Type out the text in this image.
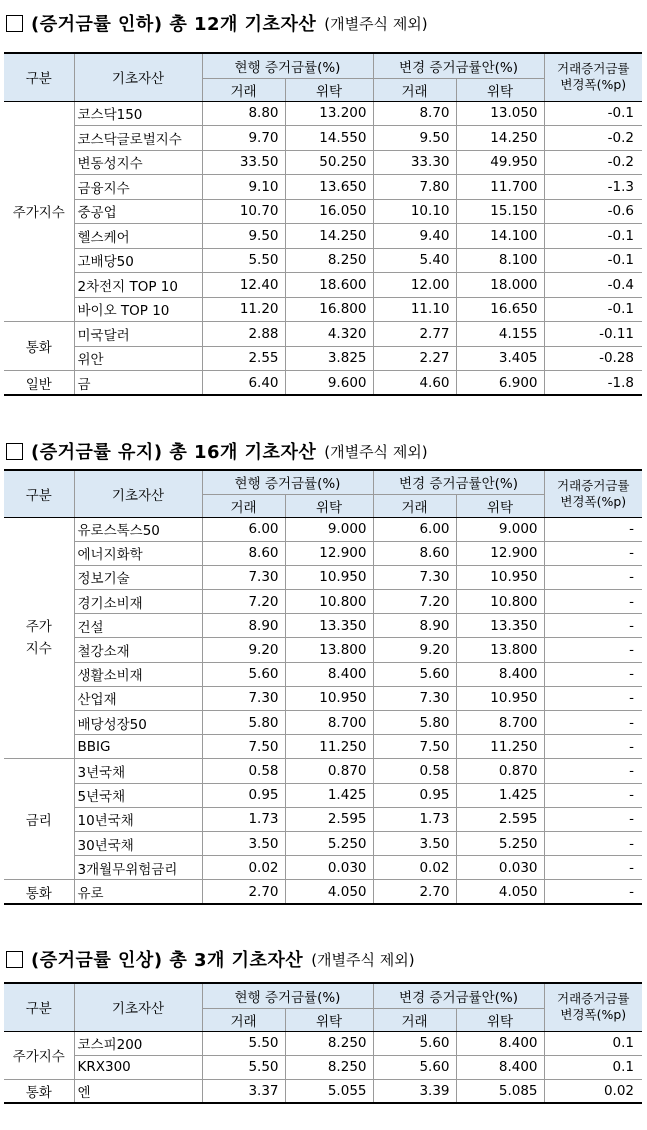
(증거금률 인하) 총 12개 기초자산 (개별주식 제외)
구분	기초자산	현행 증거금률(%)		변경 증거금률안(%)		거래증거금률
변경폭(%p)

		거래	위탁	거래	위탁	
주가지수	코스닥150	8.80	13.200	8.70	13.050	-0.1
	코스닥글로벌지수	9.70	14.550	9.50	14.250	-0.2
	변동성지수	33.50	50.250	33.30	49.950	-0.2
	금융지수	9.10	13.650	7.80	11.700	-1.3
	중공업	10.70	16.050	10.10	15.150	-0.6
	헬스케어	9.50	14.250	9.40	14.100	-0.1
	고배당50	5.50	8.250	5.40	8.100	-0.1
	2차전지 TOP 10	12.40	18.600	12.00	18.000	-0.4
	바이오 TOP 10	11.20	16.800	11.10	16.650	-0.1
통화	미국달러	2.88	4.320	2.77	4.155	-0.11
	위안	2.55	3.825	2.27	3.405	-0.28
일반	금	6.40	9.600	4.60	6.900	-1.8
(증거금률 유지) 총 16개 기초자산 (개별주식 제외)
구분	기초자산	현행 증거금률(%)		변경 증거금률안(%)		거래증거금률
변경폭(%p)

		거래	위탁	거래	위탁	
주가
지수	유로스톡스50	6.00	9.000	6.00	9.000	-
	에너지화학	8.60	12.900	8.60	12.900	-
	정보기술	7.30	10.950	7.30	10.950	-
	경기소비재	7.20	10.800	7.20	10.800	-
	건설	8.90	13.350	8.90	13.350	-
	철강소재	9.20	13.800	9.20	13.800	-
	생활소비재	5.60	8.400	5.60	8.400	-
	산업재	7.30	10.950	7.30	10.950	-
	배당성장50	5.80	8.700	5.80	8.700	-
	BBIG	7.50	11.250	7.50	11.250	-
금리	3년국채	0.58	0.870	0.58	0.870	-
	5년국채	0.95	1.425	0.95	1.425	-
	10년국채	1.73	2.595	1.73	2.595	-
	30년국채	3.50	5.250	3.50	5.250	-
	3개월무위험금리	0.02	0.030	0.02	0.030	-
통화	유로	2.70	4.050	2.70	4.050	-
(증거금률 인상) 총 3개 기초자산 (개별주식 제외)
구분	기초자산	현행 증거금률(%)		변경 증거금률안(%)		거래증거금률
변경폭(%p)

		거래	위탁	거래	위탁	
주가지수	코스피200	5.50	8.250	5.60	8.400	0.1
	KRX300	5.50	8.250	5.60	8.400	0.1
통화	엔	3.37	5.055	3.39	5.085	0.02
